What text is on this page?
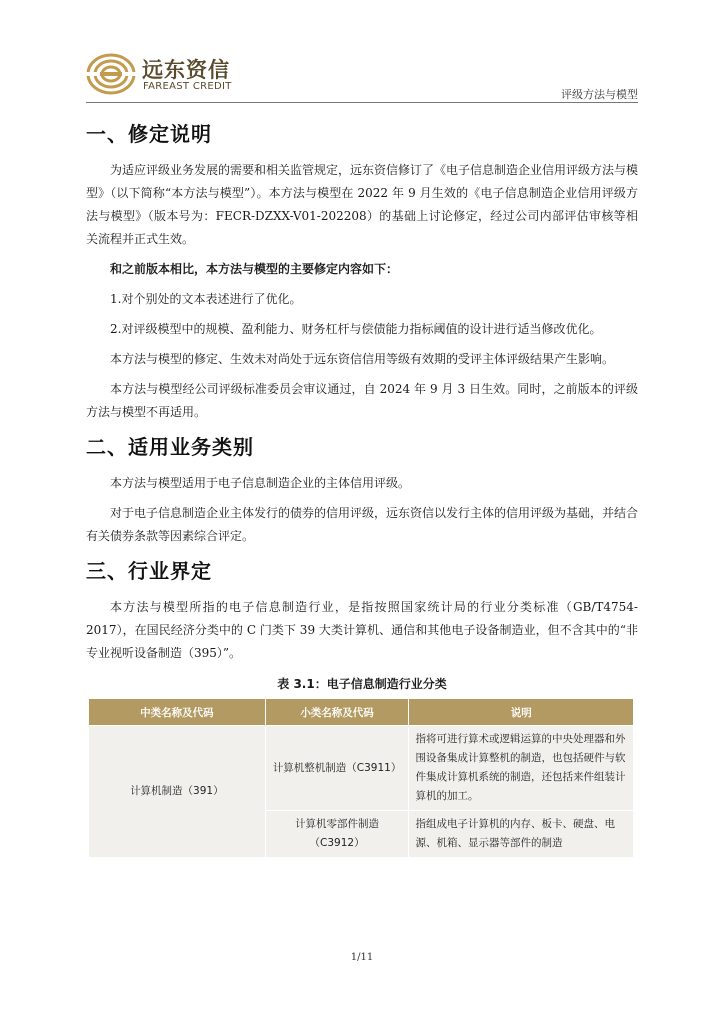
远东资信
FAREAST CREDIT
评级方法与模型
一、修定说明

为适应评级业务发展的需要和相关监管规定，远东资信修订了《电子信息制造企业信用评级方法与模型》（以下简称“本方法与模型”）。本方法与模型在 2022 年 9 月生效的《电子信息制造企业信用评级方法与模型》（版本号为：FECR-DZXX-V01-202208）的基础上讨论修定，经过公司内部评估审核等相关流程并正式生效。

和之前版本相比，本方法与模型的主要修定内容如下：

1.对个别处的文本表述进行了优化。

2.对评级模型中的规模、盈利能力、财务杠杆与偿债能力指标阈值的设计进行适当修改优化。

本方法与模型的修定、生效未对尚处于远东资信信用等级有效期的受评主体评级结果产生影响。

本方法与模型经公司评级标准委员会审议通过，自 2024 年 9 月 3 日生效。同时，之前版本的评级方法与模型不再适用。

二、适用业务类别

本方法与模型适用于电子信息制造企业的主体信用评级。

对于电子信息制造企业主体发行的债券的信用评级，远东资信以发行主体的信用评级为基础，并结合有关债券条款等因素综合评定。

三、行业界定

本方法与模型所指的电子信息制造行业，是指按照国家统计局的行业分类标准（GB/T4754-2017），在国民经济分类中的 C 门类下 39 大类计算机、通信和其他电子设备制造业，但不含其中的“非专业视听设备制造（395）”。

表 3.1：电子信息制造行业分类
中类名称及代码	小类名称及代码	说明
计算机制造（391）	计算机整机制造（C3911）	指将可进行算术或逻辑运算的中央处理器和外围设备集成计算整机的制造，也包括硬件与软件集成计算机系统的制造，还包括来件组装计算机的加工。
	计算机零部件制造（C3912）	指组成电子计算机的内存、板卡、硬盘、电源、机箱、显示器等部件的制造
1/11
